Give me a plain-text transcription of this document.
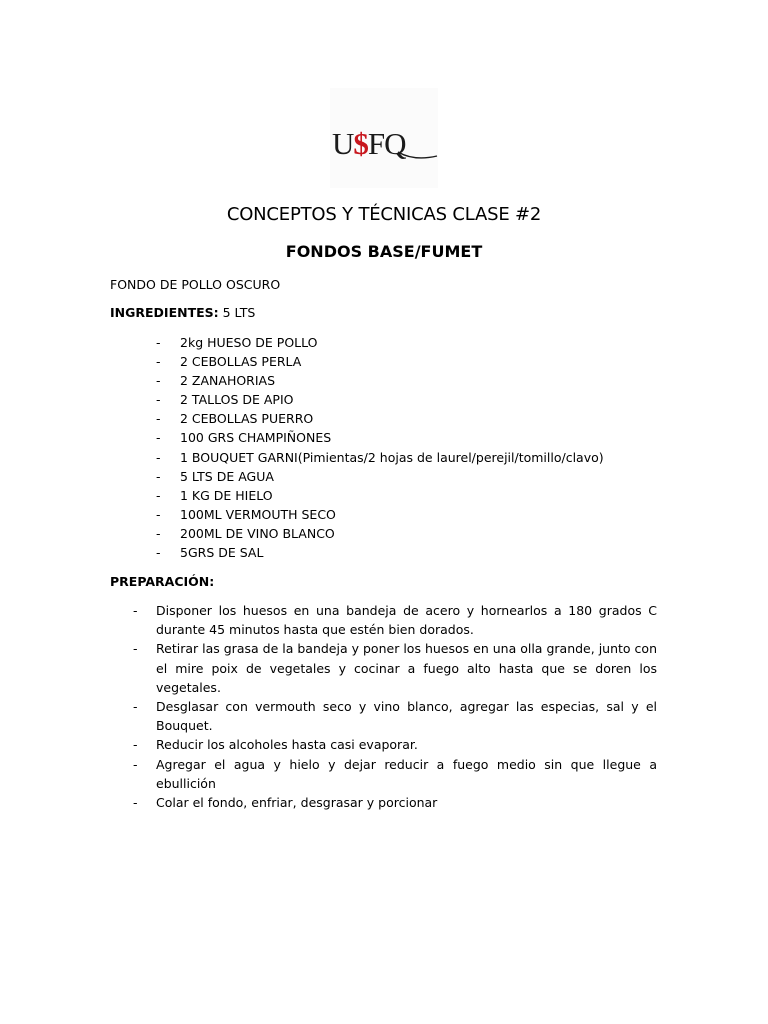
U$FQ
CONCEPTOS Y TÉCNICAS CLASE #2
FONDOS BASE/FUMET
FONDO DE POLLO OSCURO
INGREDIENTES: 5 LTS
- 2kg HUESO DE POLLO
- 2 CEBOLLAS PERLA
- 2 ZANAHORIAS
- 2 TALLOS DE APIO
- 2 CEBOLLAS PUERRO
- 100 GRS CHAMPIÑONES
- 1 BOUQUET GARNI(Pimientas/2 hojas de laurel/perejil/tomillo/clavo)
- 5 LTS DE AGUA
- 1 KG DE HIELO
- 100ML VERMOUTH SECO
- 200ML DE VINO BLANCO
- 5GRS DE SAL
PREPARACIÓN:
- Disponer los huesos en una bandeja de acero y hornearlos a 180 grados C durante 45 minutos hasta que estén bien dorados.
- Retirar las grasa de la bandeja y poner los huesos en una olla grande, junto con el mire poix de vegetales y cocinar a fuego alto hasta que se doren los vegetales.
- Desglasar con vermouth seco y vino blanco, agregar las especias, sal y el Bouquet.
- Reducir los alcoholes hasta casi evaporar.
- Agregar el agua y hielo y dejar reducir a fuego medio sin que llegue a ebullición
- Colar el fondo, enfriar, desgrasar y porcionar
